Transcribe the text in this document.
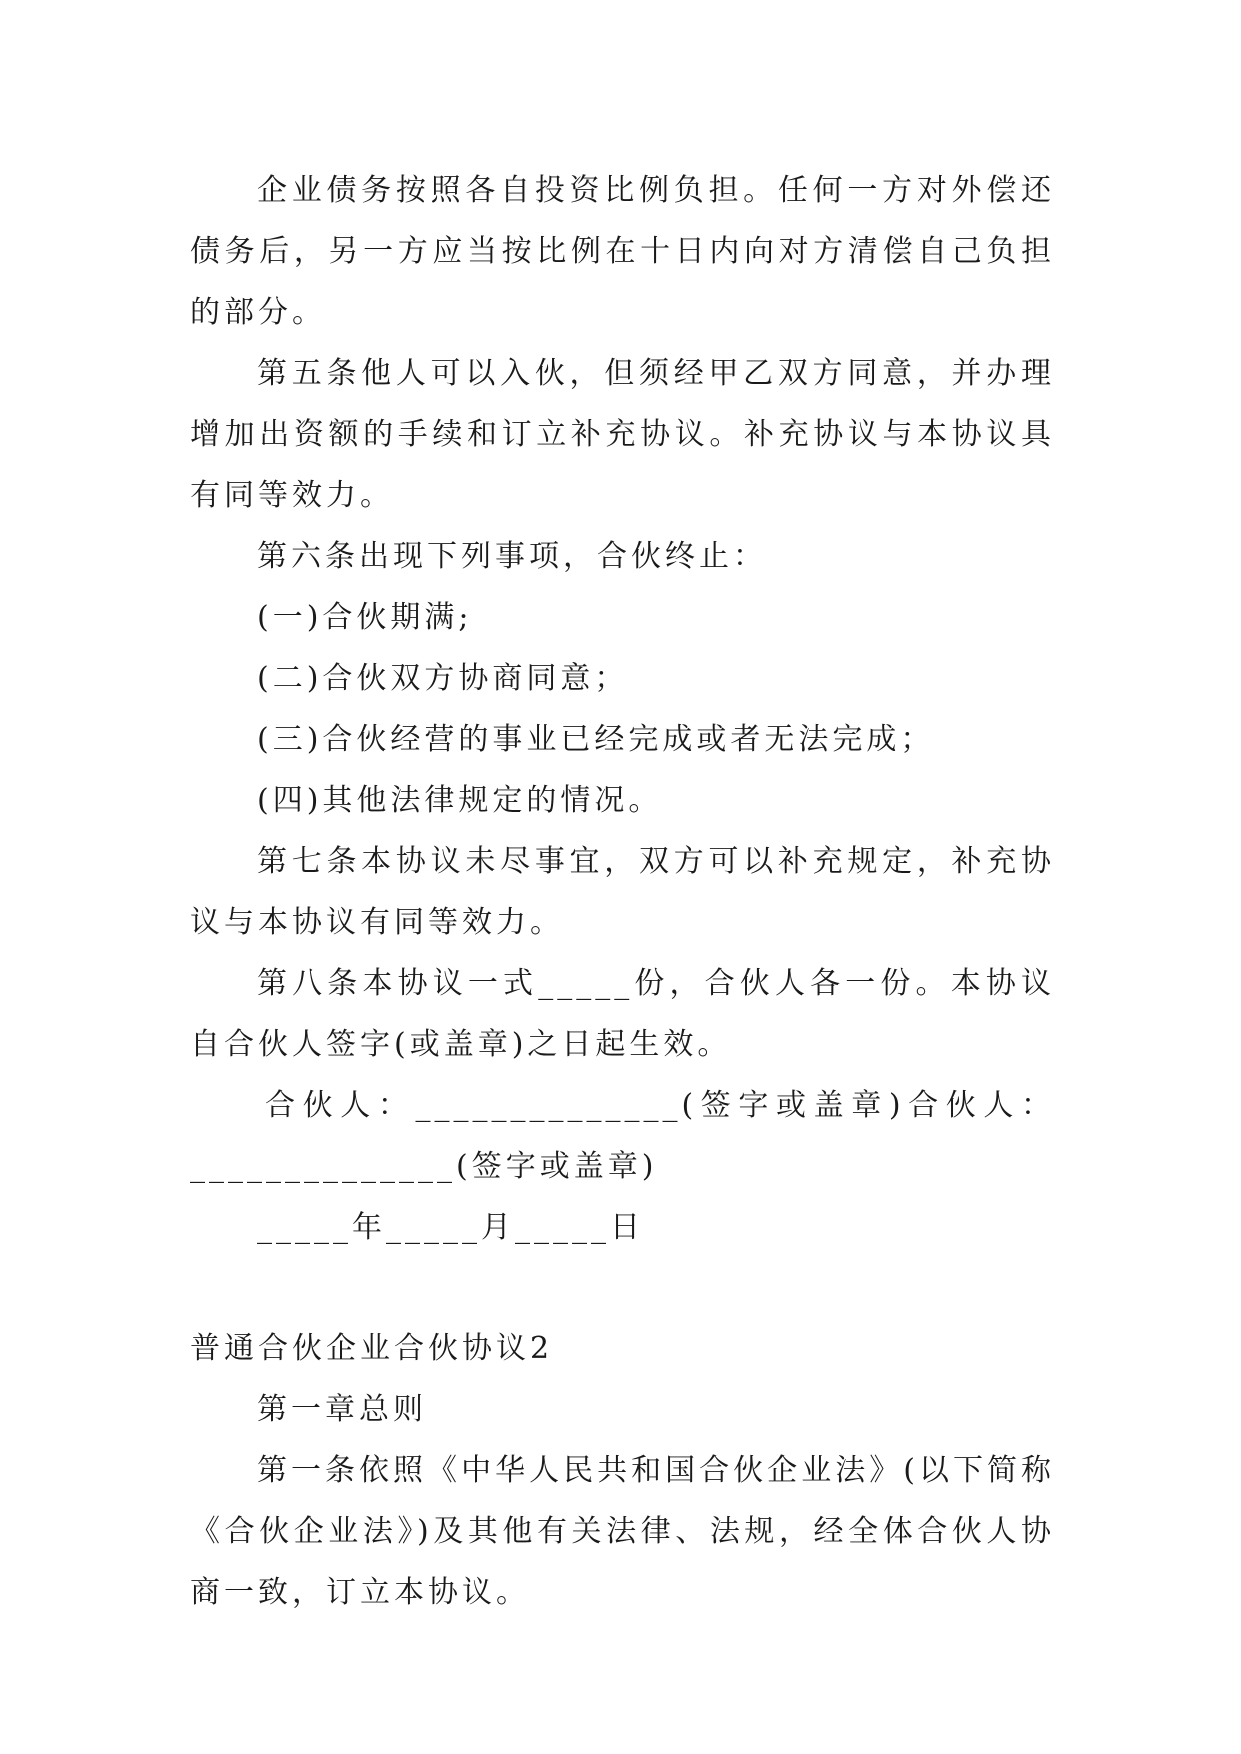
企业债务按照各自投资比例负担。任何一方对外偿还债务后，另一方应当按比例在十日内向对方清偿自己负担的部分。

第五条他人可以入伙，但须经甲乙双方同意，并办理增加出资额的手续和订立补充协议。补充协议与本协议具有同等效力。

第六条出现下列事项，合伙终止：

(一)合伙期满;

(二)合伙双方协商同意；

(三)合伙经营的事业已经完成或者无法完成；

(四)其他法律规定的情况。

第七条本协议未尽事宜，双方可以补充规定，补充协议与本协议有同等效力。

第八条本协议一式_____份，合伙人各一份。本协议自合伙人签字(或盖章)之日起生效。

合伙人：______________(签字或盖章)合伙人：______________(签字或盖章)

_____年_____月_____日

普通合伙企业合伙协议2

第一章总则

第一条依照《中华人民共和国合伙企业法》(以下简称《合伙企业法》)及其他有关法律、法规，经全体合伙人协商一致，订立本协议。
